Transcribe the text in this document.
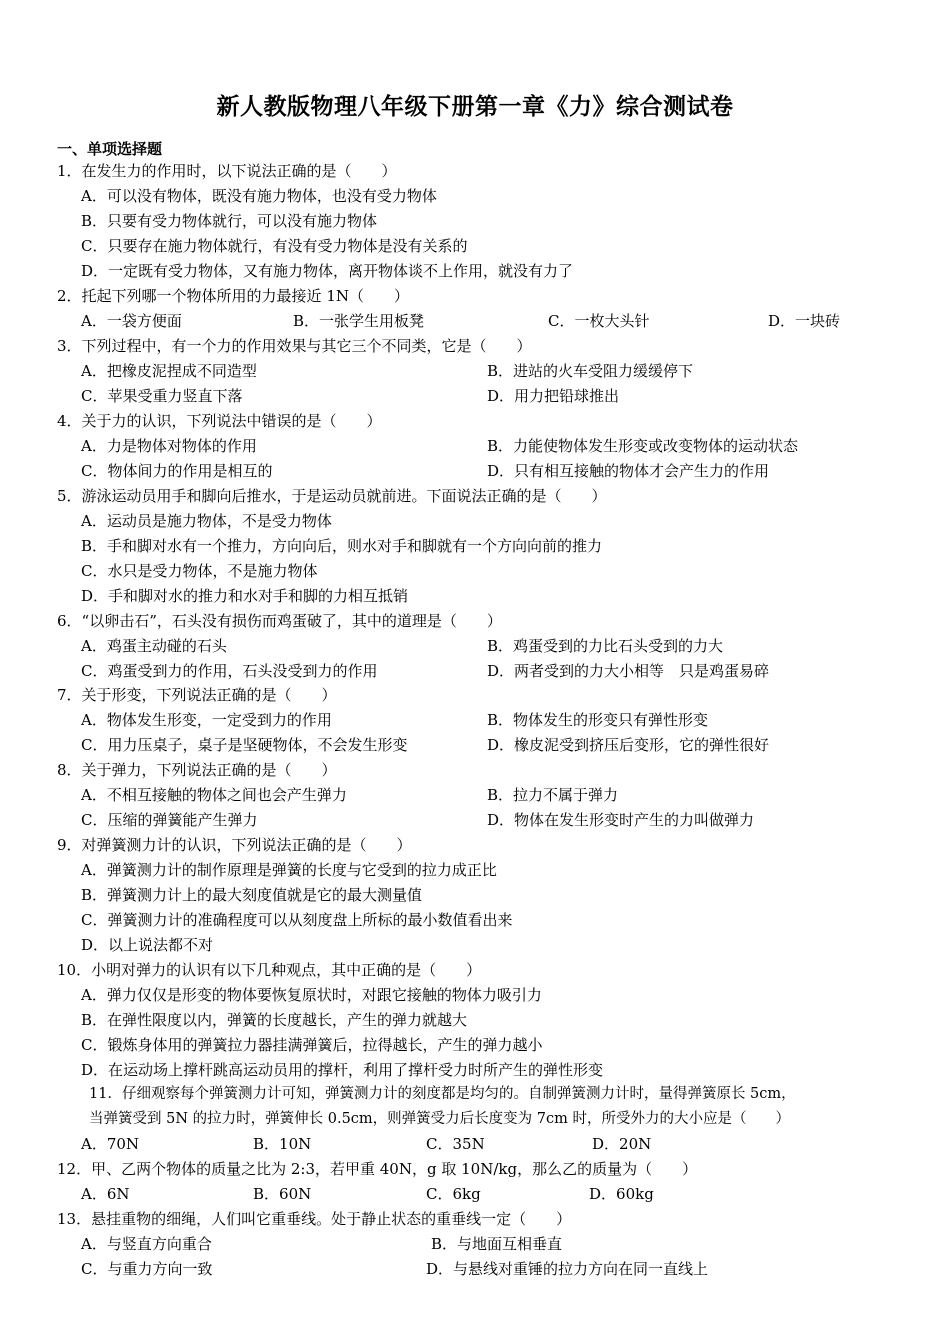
新人教版物理八年级下册第一章《力》综合测试卷
一、单项选择题
1．在发生力的作用时，以下说法正确的是（　　）
A．可以没有物体，既没有施力物体，也没有受力物体
B．只要有受力物体就行，可以没有施力物体
C．只要存在施力物体就行，有没有受力物体是没有关系的
D．一定既有受力物体，又有施力物体，离开物体谈不上作用，就没有力了
2．托起下列哪一个物体所用的力最接近 1N（　　）
A．一袋方便面	B．一张学生用板凳	C．一枚大头针	D．一块砖
3．下列过程中，有一个力的作用效果与其它三个不同类，它是（　　）
A．把橡皮泥捏成不同造型	B．进站的火车受阻力缓缓停下
C．苹果受重力竖直下落	D．用力把铅球推出
4．关于力的认识，下列说法中错误的是（　　）
A．力是物体对物体的作用	B．力能使物体发生形变或改变物体的运动状态
C．物体间力的作用是相互的	D．只有相互接触的物体才会产生力的作用
5．游泳运动员用手和脚向后推水，于是运动员就前进。下面说法正确的是（　　）
A．运动员是施力物体，不是受力物体
B．手和脚对水有一个推力，方向向后，则水对手和脚就有一个方向向前的推力
C．水只是受力物体，不是施力物体
D．手和脚对水的推力和水对手和脚的力相互抵销
6．“以卵击石”，石头没有损伤而鸡蛋破了，其中的道理是（　　）
A．鸡蛋主动碰的石头	B．鸡蛋受到的力比石头受到的力大
C．鸡蛋受到力的作用，石头没受到力的作用	D．两者受到的力大小相等　只是鸡蛋易碎
7．关于形变，下列说法正确的是（　　）
A．物体发生形变，一定受到力的作用	B．物体发生的形变只有弹性形变
C．用力压桌子，桌子是坚硬物体，不会发生形变	D．橡皮泥受到挤压后变形，它的弹性很好
8．关于弹力，下列说法正确的是（　　）
A．不相互接触的物体之间也会产生弹力	B．拉力不属于弹力
C．压缩的弹簧能产生弹力	D．物体在发生形变时产生的力叫做弹力
9．对弹簧测力计的认识，下列说法正确的是（　　）
A．弹簧测力计的制作原理是弹簧的长度与它受到的拉力成正比
B．弹簧测力计上的最大刻度值就是它的最大测量值
C．弹簧测力计的准确程度可以从刻度盘上所标的最小数值看出来
D．以上说法都不对
10．小明对弹力的认识有以下几种观点，其中正确的是（　　）
A．弹力仅仅是形变的物体要恢复原状时，对跟它接触的物体力吸引力
B．在弹性限度以内，弹簧的长度越长，产生的弹力就越大
C．锻炼身体用的弹簧拉力器挂满弹簧后，拉得越长，产生的弹力越小
D．在运动场上撑杆跳高运动员用的撑杆，利用了撑杆受力时所产生的弹性形变
11．仔细观察每个弹簧测力计可知，弹簧测力计的刻度都是均匀的。自制弹簧测力计时，量得弹簧原长 5cm，
当弹簧受到 5N 的拉力时，弹簧伸长 0.5cm，则弹簧受力后长度变为 7cm 时，所受外力的大小应是（　　）
A．70N	B．10N	C．35N	D．20N
12．甲、乙两个物体的质量之比为 2:3，若甲重 40N，g 取 10N/kg，那么乙的质量为（　　）
A．6N	B．60N	C．6kg	D．60kg
13．悬挂重物的细绳，人们叫它重垂线。处于静止状态的重垂线一定（　　）
A．与竖直方向重合	B．与地面互相垂直
C．与重力方向一致	D．与悬线对重锤的拉力方向在同一直线上
